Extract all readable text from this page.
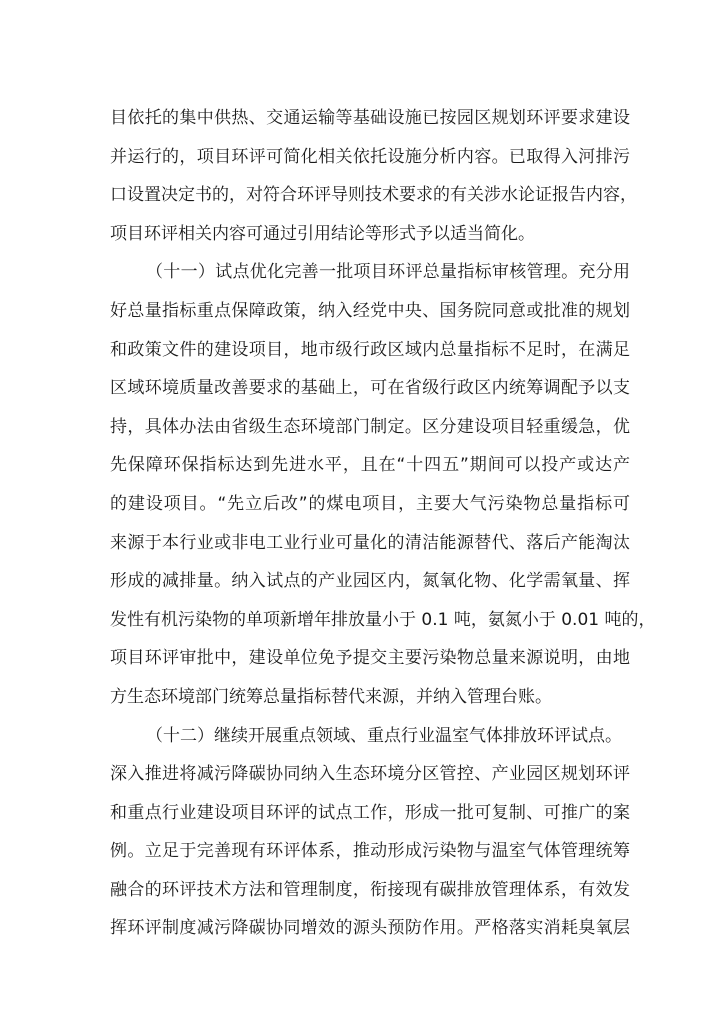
目依托的集中供热、交通运输等基础设施已按园区规划环评要求建设
并运行的，项目环评可简化相关依托设施分析内容。已取得入河排污
口设置决定书的，对符合环评导则技术要求的有关涉水论证报告内容，
项目环评相关内容可通过引用结论等形式予以适当简化。
（十一）试点优化完善一批项目环评总量指标审核管理。充分用
好总量指标重点保障政策，纳入经党中央、国务院同意或批准的规划
和政策文件的建设项目，地市级行政区域内总量指标不足时，在满足
区域环境质量改善要求的基础上，可在省级行政区内统筹调配予以支
持，具体办法由省级生态环境部门制定。区分建设项目轻重缓急，优
先保障环保指标达到先进水平，且在“十四五”期间可以投产或达产
的建设项目。“先立后改”的煤电项目，主要大气污染物总量指标可
来源于本行业或非电工业行业可量化的清洁能源替代、落后产能淘汰
形成的减排量。纳入试点的产业园区内，氮氧化物、化学需氧量、挥
发性有机污染物的单项新增年排放量小于 0.1 吨，氨氮小于 0.01 吨的，
项目环评审批中，建设单位免予提交主要污染物总量来源说明，由地
方生态环境部门统筹总量指标替代来源，并纳入管理台账。
（十二）继续开展重点领域、重点行业温室气体排放环评试点。
深入推进将减污降碳协同纳入生态环境分区管控、产业园区规划环评
和重点行业建设项目环评的试点工作，形成一批可复制、可推广的案
例。立足于完善现有环评体系，推动形成污染物与温室气体管理统筹
融合的环评技术方法和管理制度，衔接现有碳排放管理体系，有效发
挥环评制度减污降碳协同增效的源头预防作用。严格落实消耗臭氧层
